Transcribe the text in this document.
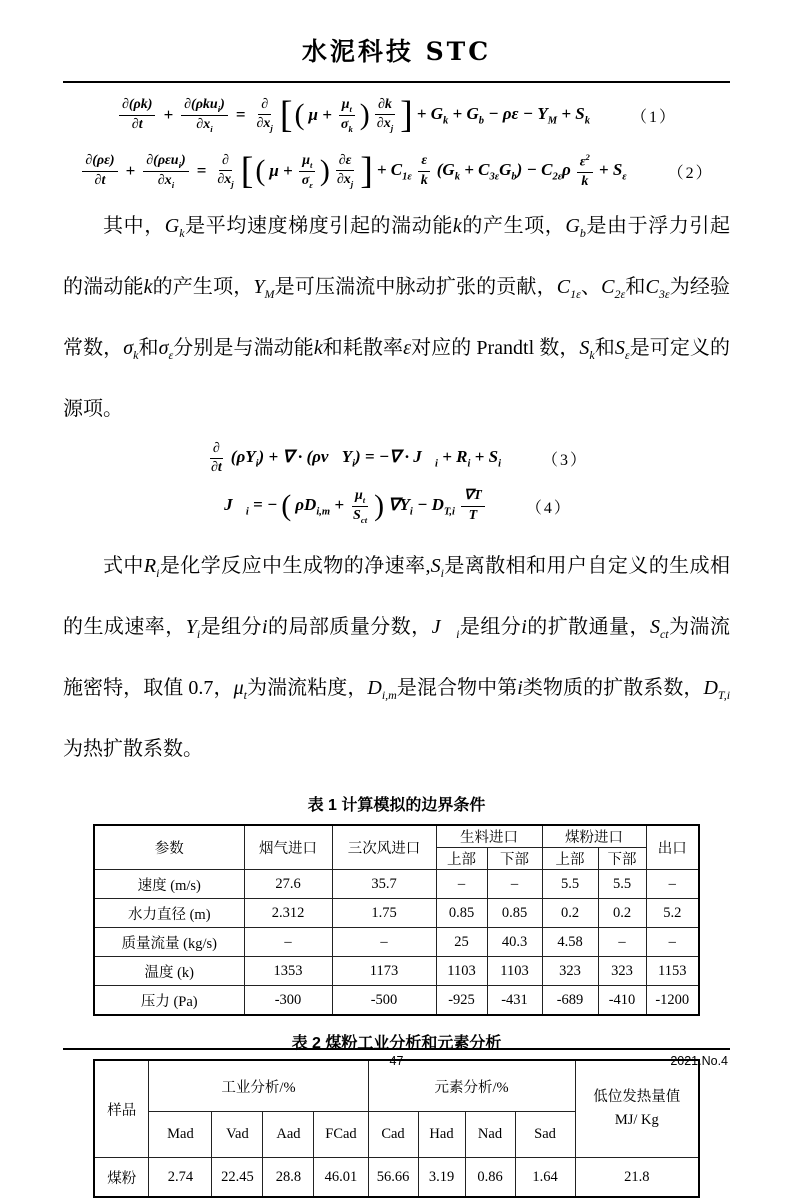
水泥科技 STC
$\frac{\partial(\rho k)}{\partial t} + \frac{\partial(\rho ku_i)}{\partial x_i} = \frac{\partial}{\partial x_j}$ [ ( $\mu + \frac{\mu_t}{\sigma_k}$ ) $\frac{\partial k}{\partial x_j}$ ] + $G_k + G_b - \rho\varepsilon - Y_M + S_k$	（1）
$\frac{\partial(\rho\varepsilon)}{\partial t} + \frac{\partial(\rho\varepsilon u_i)}{\partial x_i} = \frac{\partial}{\partial x_j}$ [ ( $\mu + \frac{\mu_t}{\sigma_\varepsilon}$ ) $\frac{\partial\varepsilon}{\partial x_j}$ ] + $C_{1\varepsilon} \frac{\varepsilon}{k} (G_k + C_{3\varepsilon}G_b) - C_{2\varepsilon}\rho \frac{\varepsilon^2}{k} + S_\varepsilon$	（2）

其中，$G_k$是平均速度梯度引起的湍动能k的产生项，$G_b$是由于浮力引起的湍动能k的产生项，$Y_M$是可压湍流中脉动扩张的贡献，$C_{1\varepsilon}$、$C_{2\varepsilon}$和$C_{3\varepsilon}$为经验常数，$\sigma_k$和$\sigma_\varepsilon$分别是与湍动能k和耗散率ε对应的 Prandtl 数，$S_k$和$S_\varepsilon$是可定义的源项。

$\frac{\partial}{\partial t} (\rho Y_i)$ + ∇ · $(\rho v⃗Y_i)$ = −∇ · $J⃗_i + R_i + S_i$	（3）
$J⃗_i$ = − ( $\rho D_{i,m} + \frac{\mu_t}{S_{ct}}$ ) $\nabla Y_i - D_{T,i} \frac{\nabla T}{T}$	（4）

式中$R_i$是化学反应中生成物的净速率$,S_i$是离散相和用户自定义的生成相的生成速率，$Y_i$是组分i的局部质量分数，$J⃗_i$是组分i的扩散通量，$S_{ct}$为湍流施密特，取值 0.7，$\mu_t$为湍流粘度，$D_{i,m}$是混合物中第i类物质的扩散系数，$D_{T,i}$为热扩散系数。

表 1 计算模拟的边界条件
参数	烟气进口	三次风进口	生料进口		煤粉进口		出口
			上部	下部	上部	下部	
速度 (m/s)	27.6	35.7	–	–	5.5	5.5	–
水力直径 (m)	2.312	1.75	0.85	0.85	0.2	0.2	5.2
质量流量 (kg/s)	–	–	25	40.3	4.58	–	–
温度 (k)	1353	1173	1103	1103	323	323	1153
压力 (Pa)	-300	-500	-925	-431	-689	-410	-1200
表 2 煤粉工业分析和元素分析
样品	工业分析/%				元素分析/%				低位发热量值
MJ/ Kg

	Mad	Vad	Aad	FCad	Cad	Had	Nad	Sad	
煤粉	2.74	22.45	28.8	46.01	56.66	3.19	0.86	1.64	21.8
47	2021.No.4
